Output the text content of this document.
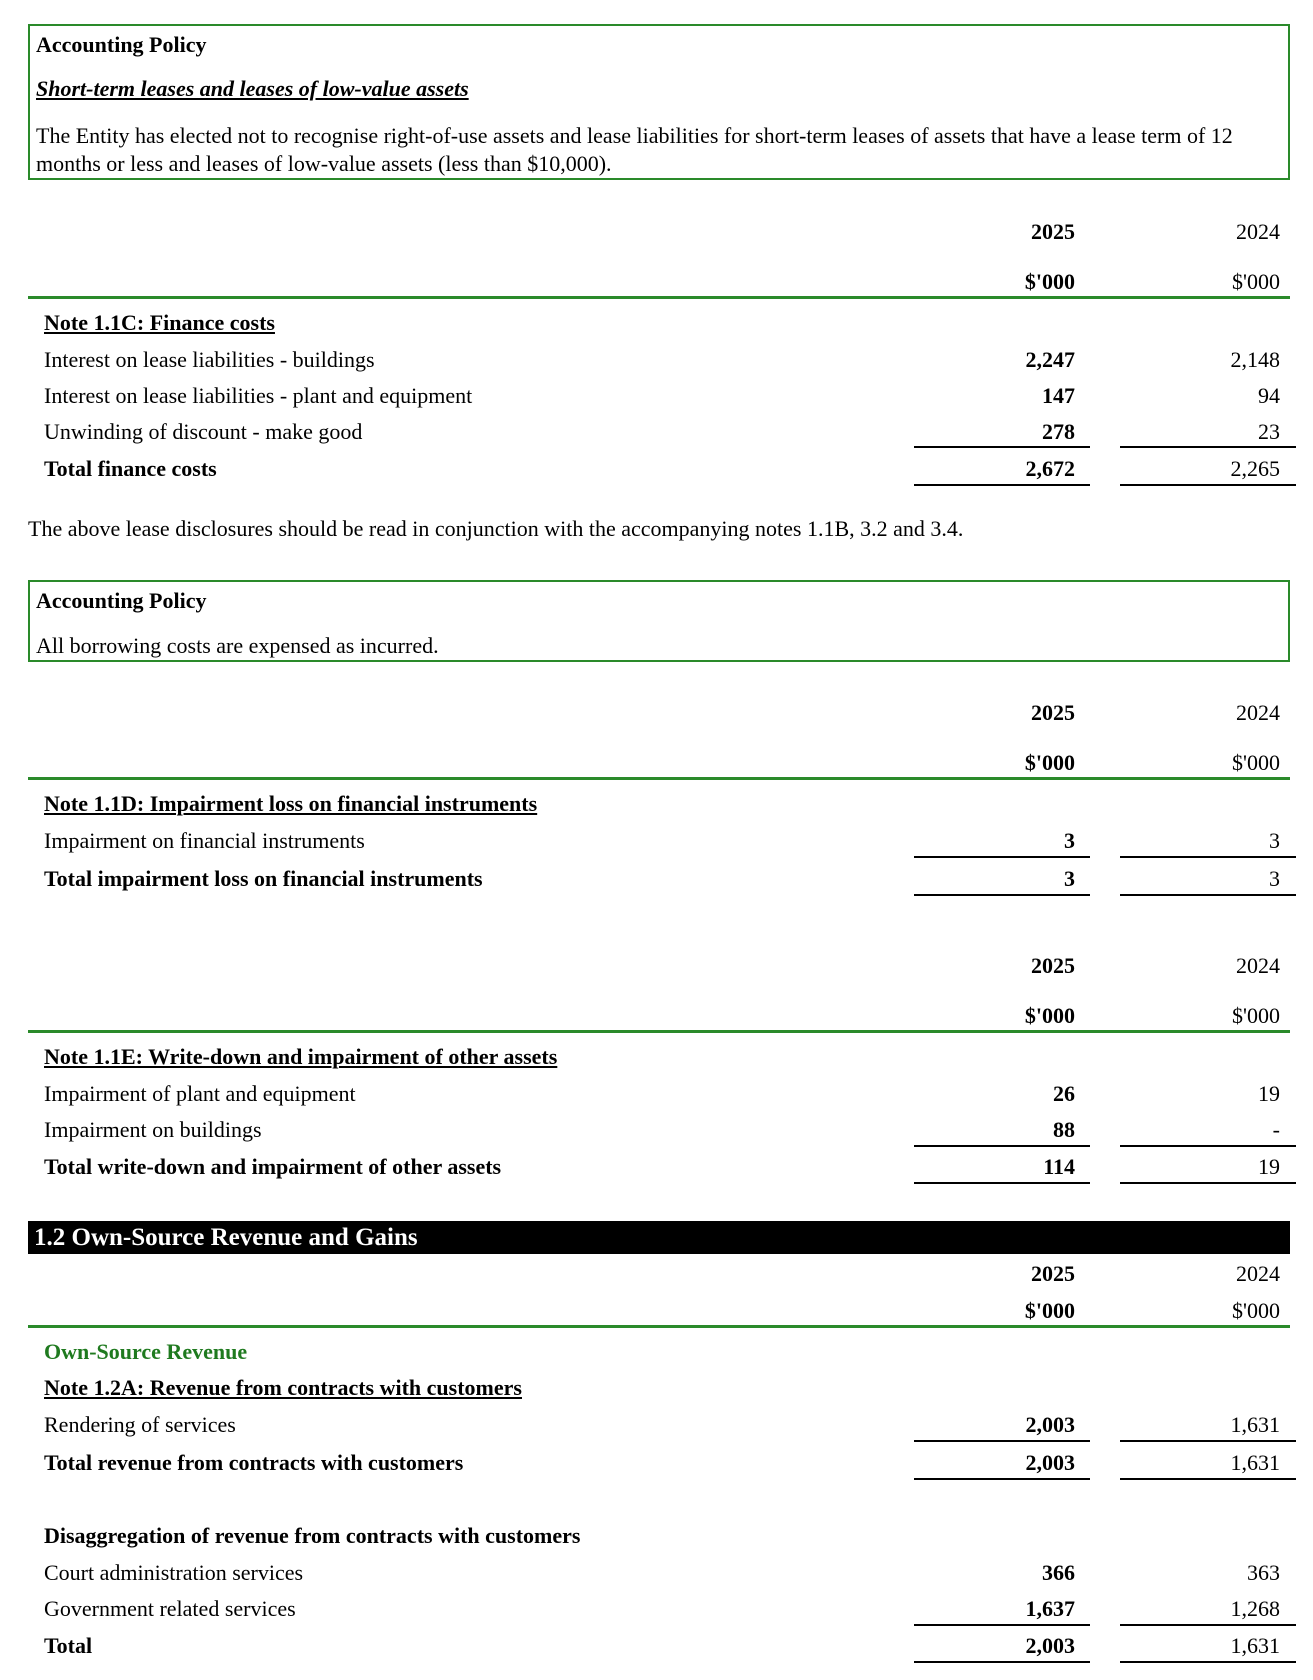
Accounting Policy
Short-term leases and leases of low-value assets
The Entity has elected not to recognise right-of-use assets and lease liabilities for short-term leases of assets that have a lease term of 12 months or less and leases of low-value assets (less than $10,000).
2025	2024
$'000	$'000
Note 1.1C: Finance costs
Interest on lease liabilities - buildings	2,247	2,148
Interest on lease liabilities - plant and equipment	147	94
Unwinding of discount - make good	278	23
Total finance costs	2,672	2,265
The above lease disclosures should be read in conjunction with the accompanying notes 1.1B, 3.2 and 3.4.
Accounting Policy
All borrowing costs are expensed as incurred.
2025	2024
$'000	$'000
Note 1.1D: Impairment loss on financial instruments
Impairment on financial instruments	3	3
Total impairment loss on financial instruments	3	3
2025	2024
$'000	$'000
Note 1.1E: Write-down and impairment of other assets
Impairment of plant and equipment	26	19
Impairment on buildings	88	-
Total write-down and impairment of other assets	114	19
1.2 Own-Source Revenue and Gains
2025	2024
$'000	$'000
Own-Source Revenue
Note 1.2A: Revenue from contracts with customers
Rendering of services	2,003	1,631
Total revenue from contracts with customers	2,003	1,631
Disaggregation of revenue from contracts with customers
Court administration services	366	363
Government related services	1,637	1,268
Total	2,003	1,631
